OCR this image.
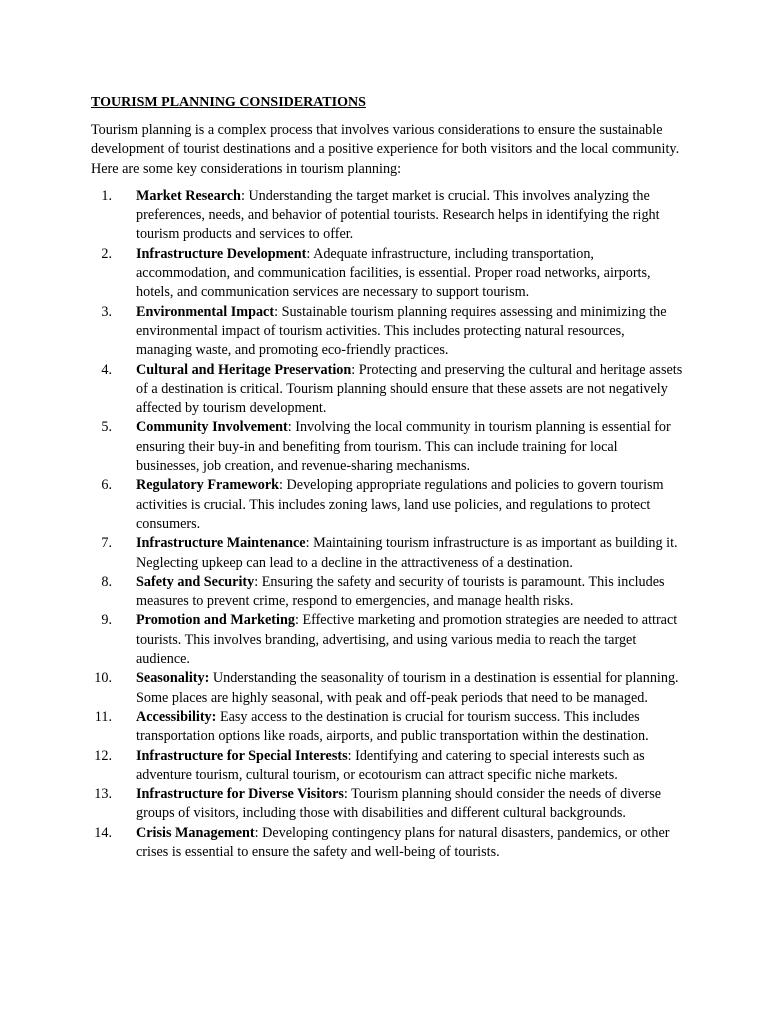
TOURISM PLANNING CONSIDERATIONS

Tourism planning is a complex process that involves various considerations to ensure the sustainable development of tourist destinations and a positive experience for both visitors and the local community. Here are some key considerations in tourism planning:

1. Market Research: Understanding the target market is crucial. This involves analyzing the preferences, needs, and behavior of potential tourists. Research helps in identifying the right tourism products and services to offer.
2. Infrastructure Development: Adequate infrastructure, including transportation, accommodation, and communication facilities, is essential. Proper road networks, airports, hotels, and communication services are necessary to support tourism.
3. Environmental Impact: Sustainable tourism planning requires assessing and minimizing the environmental impact of tourism activities. This includes protecting natural resources, managing waste, and promoting eco-friendly practices.
4. Cultural and Heritage Preservation: Protecting and preserving the cultural and heritage assets of a destination is critical. Tourism planning should ensure that these assets are not negatively affected by tourism development.
5. Community Involvement: Involving the local community in tourism planning is essential for ensuring their buy-in and benefiting from tourism. This can include training for local businesses, job creation, and revenue-sharing mechanisms.
6. Regulatory Framework: Developing appropriate regulations and policies to govern tourism activities is crucial. This includes zoning laws, land use policies, and regulations to protect consumers.
7. Infrastructure Maintenance: Maintaining tourism infrastructure is as important as building it. Neglecting upkeep can lead to a decline in the attractiveness of a destination.
8. Safety and Security: Ensuring the safety and security of tourists is paramount. This includes measures to prevent crime, respond to emergencies, and manage health risks.
9. Promotion and Marketing: Effective marketing and promotion strategies are needed to attract tourists. This involves branding, advertising, and using various media to reach the target audience.
10. Seasonality: Understanding the seasonality of tourism in a destination is essential for planning. Some places are highly seasonal, with peak and off-peak periods that need to be managed.
11. Accessibility: Easy access to the destination is crucial for tourism success. This includes transportation options like roads, airports, and public transportation within the destination.
12. Infrastructure for Special Interests: Identifying and catering to special interests such as adventure tourism, cultural tourism, or ecotourism can attract specific niche markets.
13. Infrastructure for Diverse Visitors: Tourism planning should consider the needs of diverse groups of visitors, including those with disabilities and different cultural backgrounds.
14. Crisis Management: Developing contingency plans for natural disasters, pandemics, or other crises is essential to ensure the safety and well-being of tourists.
